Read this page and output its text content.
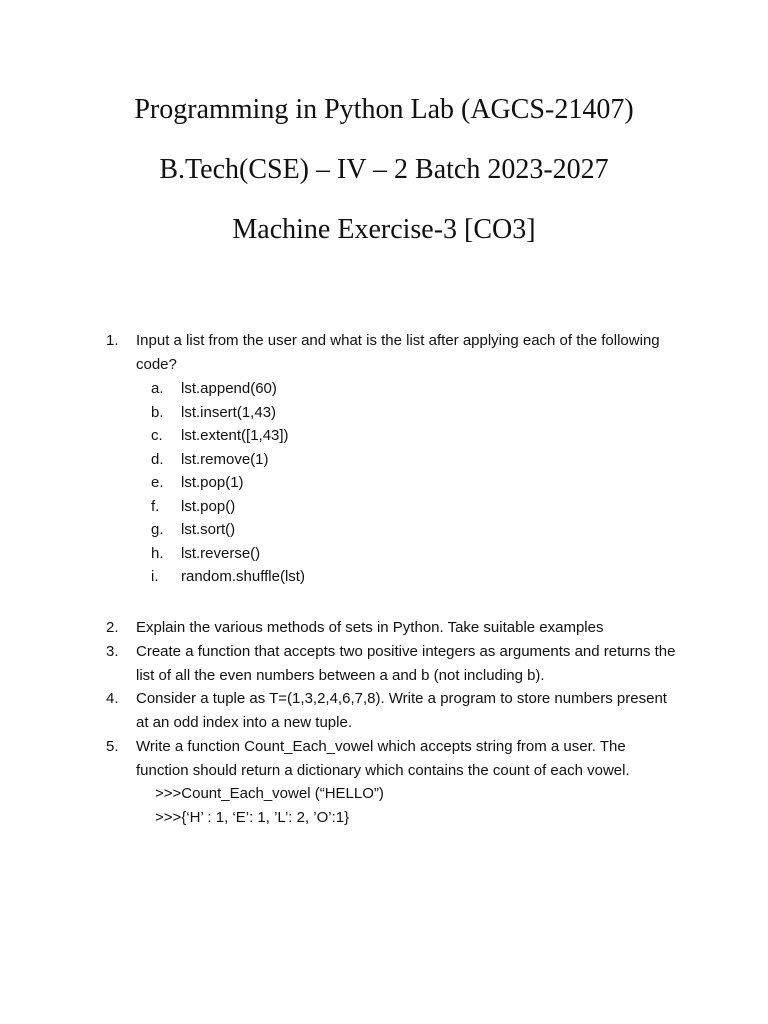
Programming in Python Lab (AGCS-21407)
B.Tech(CSE) – IV – 2 Batch 2023-2027
Machine Exercise-3 [CO3]
1.	Input a list from the user and what is the list after applying each of the following code?
a.	lst.append(60)
b.	lst.insert(1,43)
c.	lst.extent([1,43])
d.	lst.remove(1)
e.	lst.pop(1)
f.	lst.pop()
g.	lst.sort()
h.	lst.reverse()
i.	random.shuffle(lst)
2.	Explain the various methods of sets in Python. Take suitable examples
3.	Create a function that accepts two positive integers as arguments and returns the list of all the even numbers between a and b (not including b).
4.	Consider a tuple as T=(1,3,2,4,6,7,8). Write a program to store numbers present at an odd index into a new tuple.
5.	Write a function Count_Each_vowel which accepts string from a user. The function should return a dictionary which contains the count of each vowel.
>>>Count_Each_vowel (“HELLO”)
>>>{‘H’ : 1, ‘E’: 1, ’L’: 2, ’O’:1}
